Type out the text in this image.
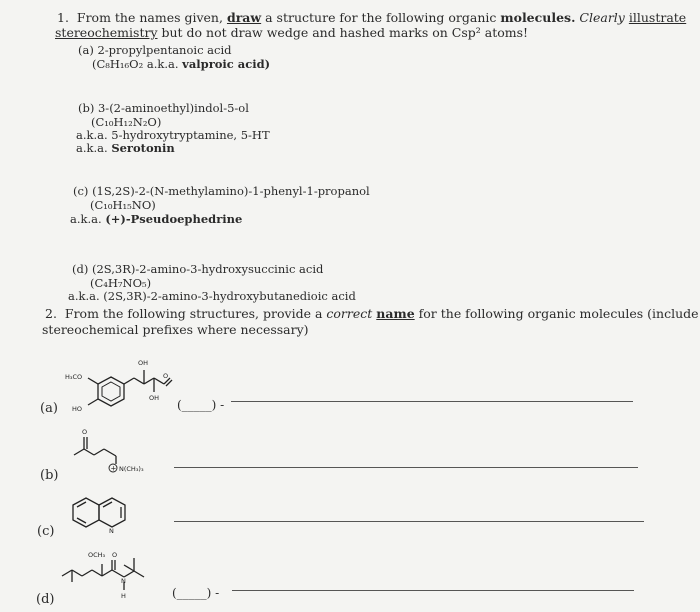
1. From the names given, draw a structure for the following organic molecules. Clearly illustrate
stereochemistry but do not draw wedge and hashed marks on Csp² atoms!
(a) 2-propylpentanoic acid
(C₈H₁₆O₂ a.k.a. valproic acid)
(b) 3-(2-aminoethyl)indol-5-ol
(C₁₀H₁₂N₂O)
a.k.a. 5-hydroxytryptamine, 5-HT
a.k.a. Serotonin
(c) (1S,2S)-2-(N-methylamino)-1-phenyl-1-propanol
(C₁₀H₁₅NO)
a.k.a. (+)-Pseudoephedrine
(d) (2S,3R)-2-amino-3-hydroxysuccinic acid
(C₄H₇NO₅)
a.k.a. (2S,3R)-2-amino-3-hydroxybutanedioic acid
2. From the following structures, provide a correct name for the following organic molecules (include
stereochemical prefixes where necessary)
(a)
(b)
(c)
(d)
(_____) -
(_____) -
H₃CO
HO
OH
OH
O
O
+ N(CH₃)₃
N
OCH₃ O
N
H
